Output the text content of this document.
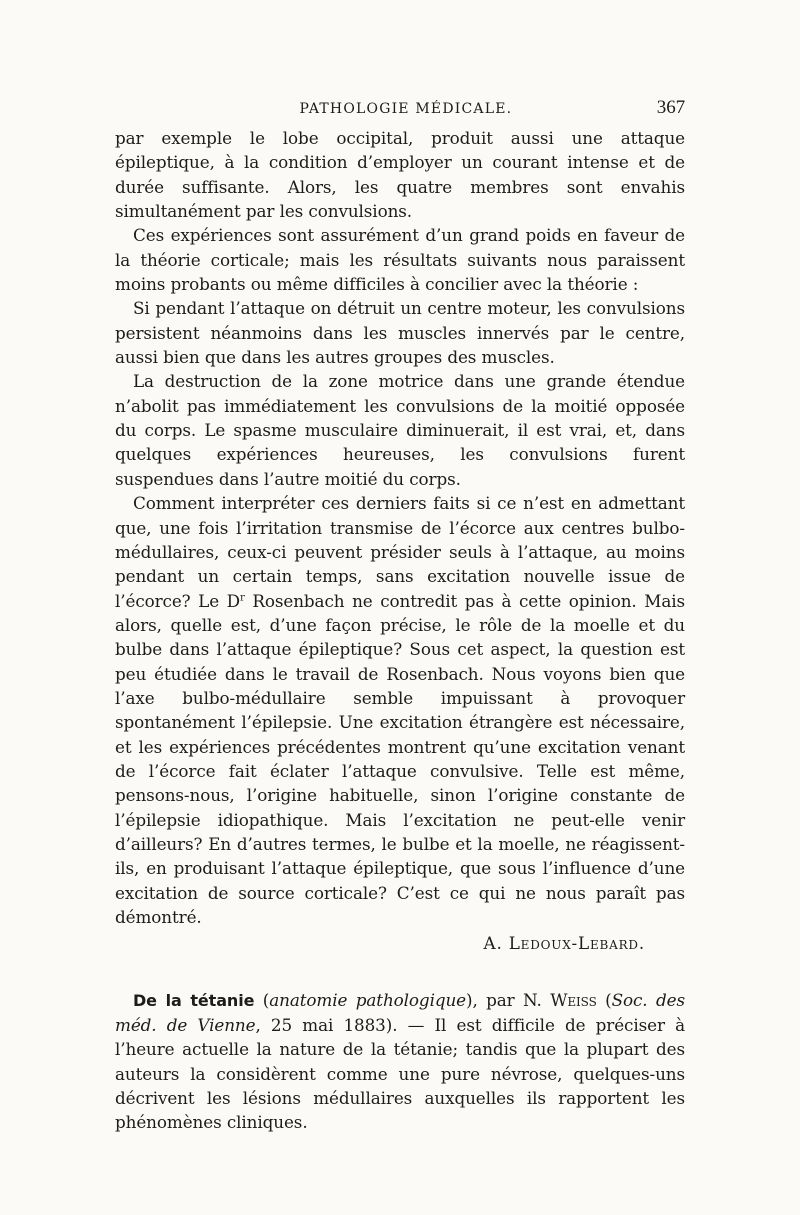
PATHOLOGIE MÉDICALE.	367

par exemple le lobe occipital, produit aussi une attaque épileptique, à la condition d’employer un courant intense et de durée suffisante. Alors, les quatre membres sont envahis simultanément par les convulsions.

Ces expériences sont assurément d’un grand poids en faveur de la théorie corticale; mais les résultats suivants nous paraissent moins probants ou même difficiles à concilier avec la théorie :

Si pendant l’attaque on détruit un centre moteur, les convulsions persistent néanmoins dans les muscles innervés par le centre, aussi bien que dans les autres groupes des muscles.

La destruction de la zone motrice dans une grande étendue n’abolit pas immédiatement les convulsions de la moitié opposée du corps. Le spasme musculaire diminuerait, il est vrai, et, dans quelques expériences heureuses, les convulsions furent suspendues dans l’autre moitié du corps.

Comment interpréter ces derniers faits si ce n’est en admettant que, une fois l’irritation transmise de l’écorce aux centres bulbo-médullaires, ceux-ci peuvent présider seuls à l’attaque, au moins pendant un certain temps, sans excitation nouvelle issue de l’écorce? Le $D^r$ Rosenbach ne contredit pas à cette opinion. Mais alors, quelle est, d’une façon précise, le rôle de la moelle et du bulbe dans l’attaque épileptique? Sous cet aspect, la question est peu étudiée dans le travail de Rosenbach. Nous voyons bien que l’axe bulbo-médullaire semble impuissant à provoquer spontanément l’épilepsie. Une excitation étrangère est nécessaire, et les expériences précédentes montrent qu’une excitation venant de l’écorce fait éclater l’attaque convulsive. Telle est même, pensons-nous, l’origine habituelle, sinon l’origine constante de l’épilepsie idiopathique. Mais l’excitation ne peut-elle venir d’ailleurs? En d’autres termes, le bulbe et la moelle, ne réagissent-ils, en produisant l’attaque épileptique, que sous l’influence d’une excitation de source corticale? C’est ce qui ne nous paraît pas démontré.

A. Ledoux-Lebard.

De la tétanie (anatomie pathologique), par N. Weiss (Soc. des méd. de Vienne, 25 mai 1883). — Il est difficile de préciser à l’heure actuelle la nature de la tétanie; tandis que la plupart des auteurs la considèrent comme une pure névrose, quelques-uns décrivent les lésions médullaires auxquelles ils rapportent les phénomènes cliniques.
